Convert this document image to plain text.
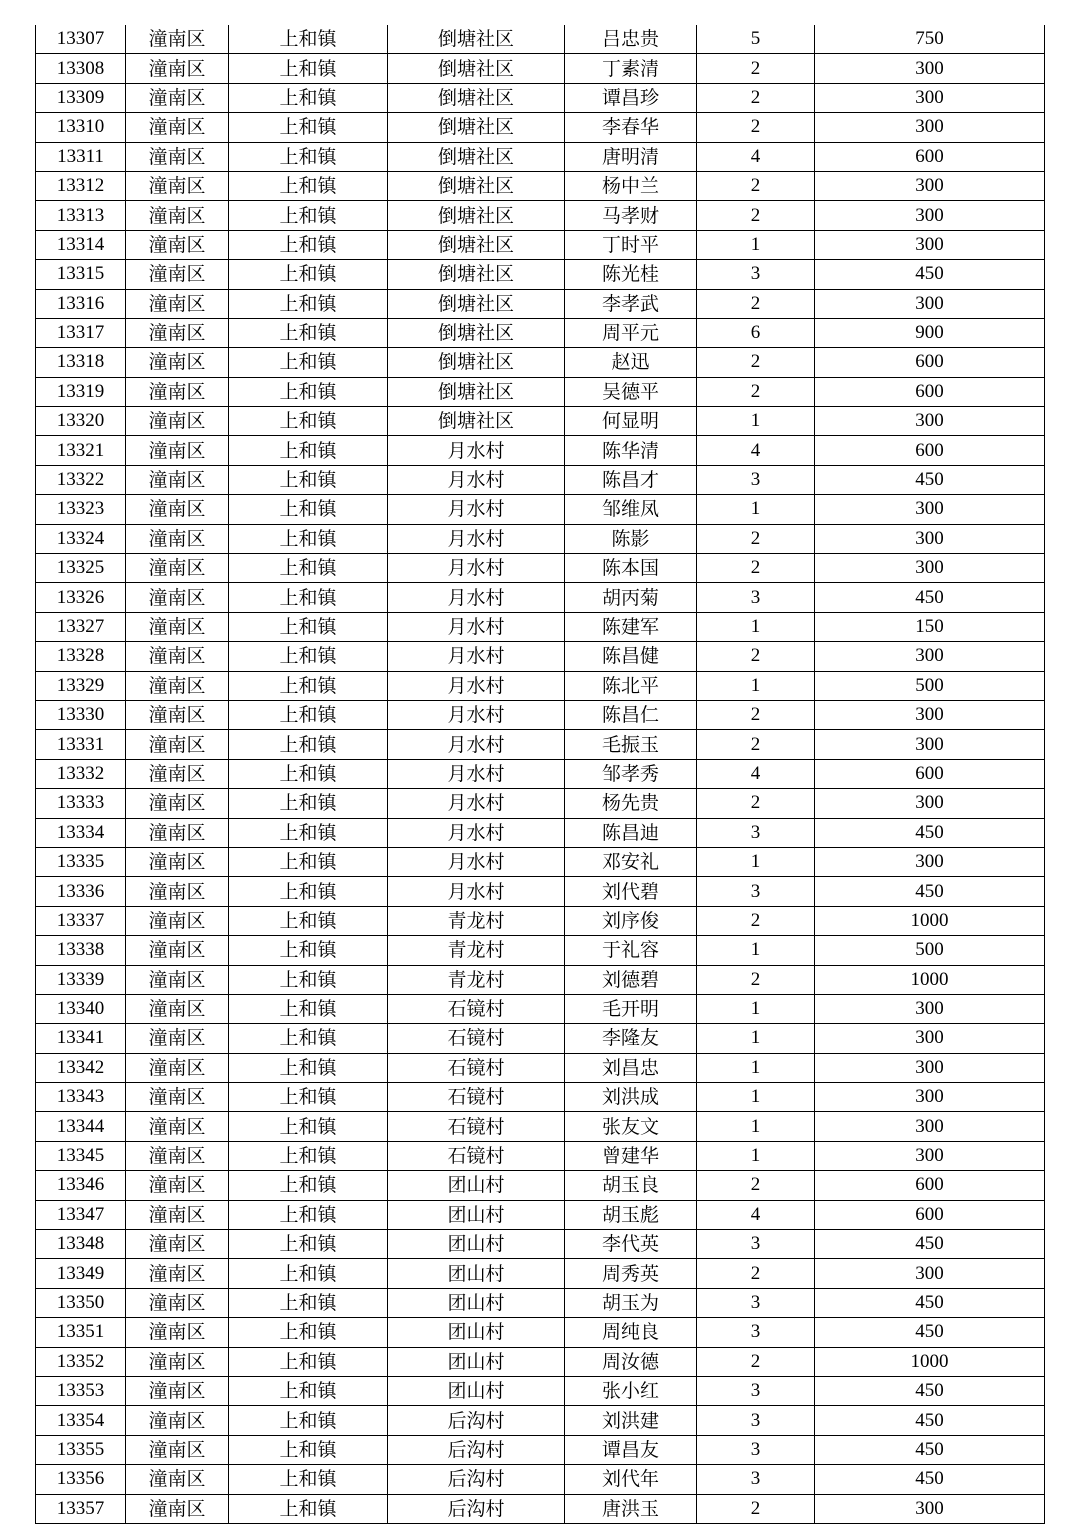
13307	潼南区	上和镇	倒塘社区	吕忠贵	5	750
13308	潼南区	上和镇	倒塘社区	丁素清	2	300
13309	潼南区	上和镇	倒塘社区	谭昌珍	2	300
13310	潼南区	上和镇	倒塘社区	李春华	2	300
13311	潼南区	上和镇	倒塘社区	唐明清	4	600
13312	潼南区	上和镇	倒塘社区	杨中兰	2	300
13313	潼南区	上和镇	倒塘社区	马孝财	2	300
13314	潼南区	上和镇	倒塘社区	丁时平	1	300
13315	潼南区	上和镇	倒塘社区	陈光桂	3	450
13316	潼南区	上和镇	倒塘社区	李孝武	2	300
13317	潼南区	上和镇	倒塘社区	周平元	6	900
13318	潼南区	上和镇	倒塘社区	赵迅	2	600
13319	潼南区	上和镇	倒塘社区	吴德平	2	600
13320	潼南区	上和镇	倒塘社区	何显明	1	300
13321	潼南区	上和镇	月水村	陈华清	4	600
13322	潼南区	上和镇	月水村	陈昌才	3	450
13323	潼南区	上和镇	月水村	邹维凤	1	300
13324	潼南区	上和镇	月水村	陈影	2	300
13325	潼南区	上和镇	月水村	陈本国	2	300
13326	潼南区	上和镇	月水村	胡丙菊	3	450
13327	潼南区	上和镇	月水村	陈建军	1	150
13328	潼南区	上和镇	月水村	陈昌健	2	300
13329	潼南区	上和镇	月水村	陈北平	1	500
13330	潼南区	上和镇	月水村	陈昌仁	2	300
13331	潼南区	上和镇	月水村	毛振玉	2	300
13332	潼南区	上和镇	月水村	邹孝秀	4	600
13333	潼南区	上和镇	月水村	杨先贵	2	300
13334	潼南区	上和镇	月水村	陈昌迪	3	450
13335	潼南区	上和镇	月水村	邓安礼	1	300
13336	潼南区	上和镇	月水村	刘代碧	3	450
13337	潼南区	上和镇	青龙村	刘序俊	2	1000
13338	潼南区	上和镇	青龙村	于礼容	1	500
13339	潼南区	上和镇	青龙村	刘德碧	2	1000
13340	潼南区	上和镇	石镜村	毛开明	1	300
13341	潼南区	上和镇	石镜村	李隆友	1	300
13342	潼南区	上和镇	石镜村	刘昌忠	1	300
13343	潼南区	上和镇	石镜村	刘洪成	1	300
13344	潼南区	上和镇	石镜村	张友文	1	300
13345	潼南区	上和镇	石镜村	曾建华	1	300
13346	潼南区	上和镇	团山村	胡玉良	2	600
13347	潼南区	上和镇	团山村	胡玉彪	4	600
13348	潼南区	上和镇	团山村	李代英	3	450
13349	潼南区	上和镇	团山村	周秀英	2	300
13350	潼南区	上和镇	团山村	胡玉为	3	450
13351	潼南区	上和镇	团山村	周纯良	3	450
13352	潼南区	上和镇	团山村	周汝德	2	1000
13353	潼南区	上和镇	团山村	张小红	3	450
13354	潼南区	上和镇	后沟村	刘洪建	3	450
13355	潼南区	上和镇	后沟村	谭昌友	3	450
13356	潼南区	上和镇	后沟村	刘代年	3	450
13357	潼南区	上和镇	后沟村	唐洪玉	2	300
